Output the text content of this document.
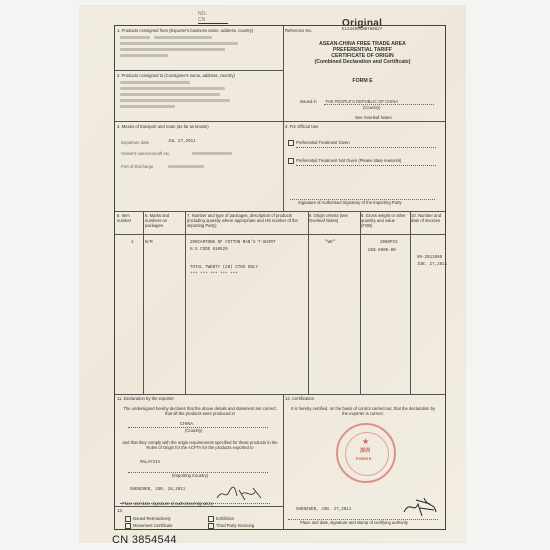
NO.
CN	Original
1. Products consigned from (Exporter's business name, address, country)
2. Products consigned to (Consignee's name, address, country)
3. Means of transport and route (as far as known)
Departure date	JUL 27,2011
Vessel's name/Aircraft etc.
Port of Discharge
Reference No.	E114400CN0760827
ASEAN-CHINA FREE TRADE AREA
PREFERENTIAL TARIFF
CERTIFICATE OF ORIGIN
(Combined Declaration and Certificate)
FORM E
Issued in THE PEOPLE'S REPUBLIC OF CHINA
(Country)
See Overleaf Notes
4. For Official Use
Preferential Treatment Given
Preferential Treatment Not Given (Please state reason/s)
Signature of Authorised Signatory of the Importing Party
5. Item number
6. Marks and numbers on packages
7. Number and type of packages, description of products (including quantity where appropriate and HS number of the importing Party)
8. Origin criteria (see Overleaf Notes)
9. Gross weight or other quantity and value (FOB)
10. Number and date of invoices
1	N/M	200CARTONS OF COTTON MAN'S T-SHIRT
H.S CODE 610520
TOTAL TWENTY (20) CTNS ONLY
*** *** *** *** ***
"WO"	2000PCS
US$ 6000.00
05-2011060
JUN. 27,2011
11. Declaration by the exporter
The undersigned hereby declares that the above details and statement are correct; that all the products were produced in
CHINA
(Country)
and that they comply with the origin requirements specified for these products in the Rules of Origin for the ACFTA for the products exported to
MALAYSIA
(Importing Country)
SHENZHEN, JUN. 28,2011
Place and date, signature of authorised signatory
12. Certification
It is hereby certified, on the basis of control carried out, that the declaration by the exporter is correct.
★
深圳
FORM E
SHENZHEN, JUN. 27,2011
Place and date, signature and stamp of certifying authority
13.
Issued Retroactively	Exhibition
Movement Certificate	Third Party Invoicing
CN 3854544
